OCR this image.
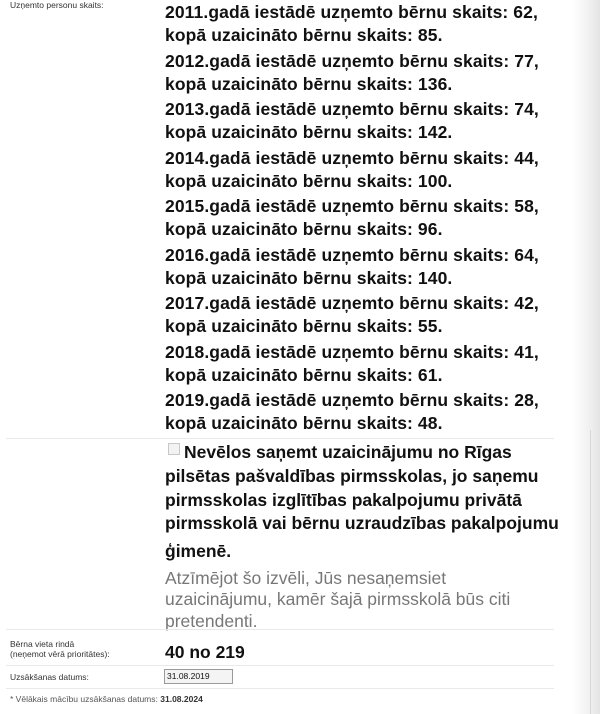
Uzņemto personu skaits:	2011.gadā iestādē uzņemto bērnu skaits: 62,
kopā uzaicināto bērnu skaits: 85.
2012.gadā iestādē uzņemto bērnu skaits: 77,
kopā uzaicināto bērnu skaits: 136.
2013.gadā iestādē uzņemto bērnu skaits: 74,
kopā uzaicināto bērnu skaits: 142.
2014.gadā iestādē uzņemto bērnu skaits: 44,
kopā uzaicināto bērnu skaits: 100.
2015.gadā iestādē uzņemto bērnu skaits: 58,
kopā uzaicināto bērnu skaits: 96.
2016.gadā iestādē uzņemto bērnu skaits: 64,
kopā uzaicināto bērnu skaits: 140.
2017.gadā iestādē uzņemto bērnu skaits: 42,
kopā uzaicināto bērnu skaits: 55.
2018.gadā iestādē uzņemto bērnu skaits: 41,
kopā uzaicināto bērnu skaits: 61.
2019.gadā iestādē uzņemto bērnu skaits: 28,
kopā uzaicināto bērnu skaits: 48.
Nevēlos saņemt uzaicinājumu no Rīgas
pilsētas pašvaldības pirmsskolas, jo saņemu
pirmsskolas izglītības pakalpojumu privātā
pirmsskolā vai bērnu uzraudzības pakalpojumu
ģimenē.
Atzīmējot šo izvēli, Jūs nesaņemsiet
uzaicinājumu, kamēr šajā pirmsskolā būs citi
pretendenti.
Bērna vieta rindā
(neņemot vērā prioritātes):	40 no 219
Uzsākšanas datums:
31.08.2019
* Vēlākais mācību uzsākšanas datums: 31.08.2024
